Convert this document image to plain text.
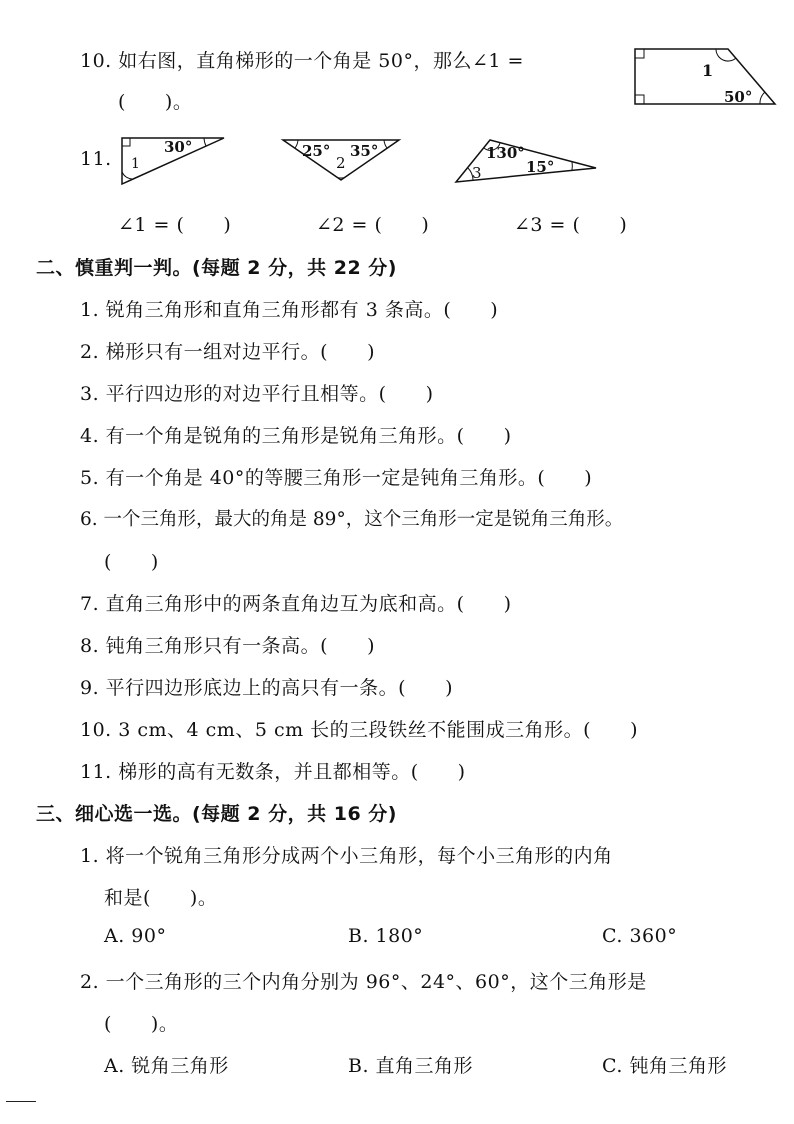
10. 如右图，直角梯形的一个角是 50°，那么∠1 =
(　　)。
1
50°
11.
30°
1
25°
2
35°	130°
3	15°
∠1 = (　　)	∠2 = (　　)	∠3 = (　　)
二、慎重判一判。(每题 2 分，共 22 分)
1. 锐角三角形和直角三角形都有 3 条高。(　　)
2. 梯形只有一组对边平行。(　　)
3. 平行四边形的对边平行且相等。(　　)
4. 有一个角是锐角的三角形是锐角三角形。(　　)
5. 有一个角是 40°的等腰三角形一定是钝角三角形。(　　)
6. 一个三角形，最大的角是 89°，这个三角形一定是锐角三角形。
(　　)
7. 直角三角形中的两条直角边互为底和高。(　　)
8. 钝角三角形只有一条高。(　　)
9. 平行四边形底边上的高只有一条。(　　)
10. 3 cm、4 cm、5 cm 长的三段铁丝不能围成三角形。(　　)
11. 梯形的高有无数条，并且都相等。(　　)
三、细心选一选。(每题 2 分，共 16 分)
1. 将一个锐角三角形分成两个小三角形，每个小三角形的内角
和是(　　)。
A. 90°	B. 180°	C. 360°
2. 一个三角形的三个内角分别为 96°、24°、60°，这个三角形是
(　　)。
A. 锐角三角形	B. 直角三角形	C. 钝角三角形
